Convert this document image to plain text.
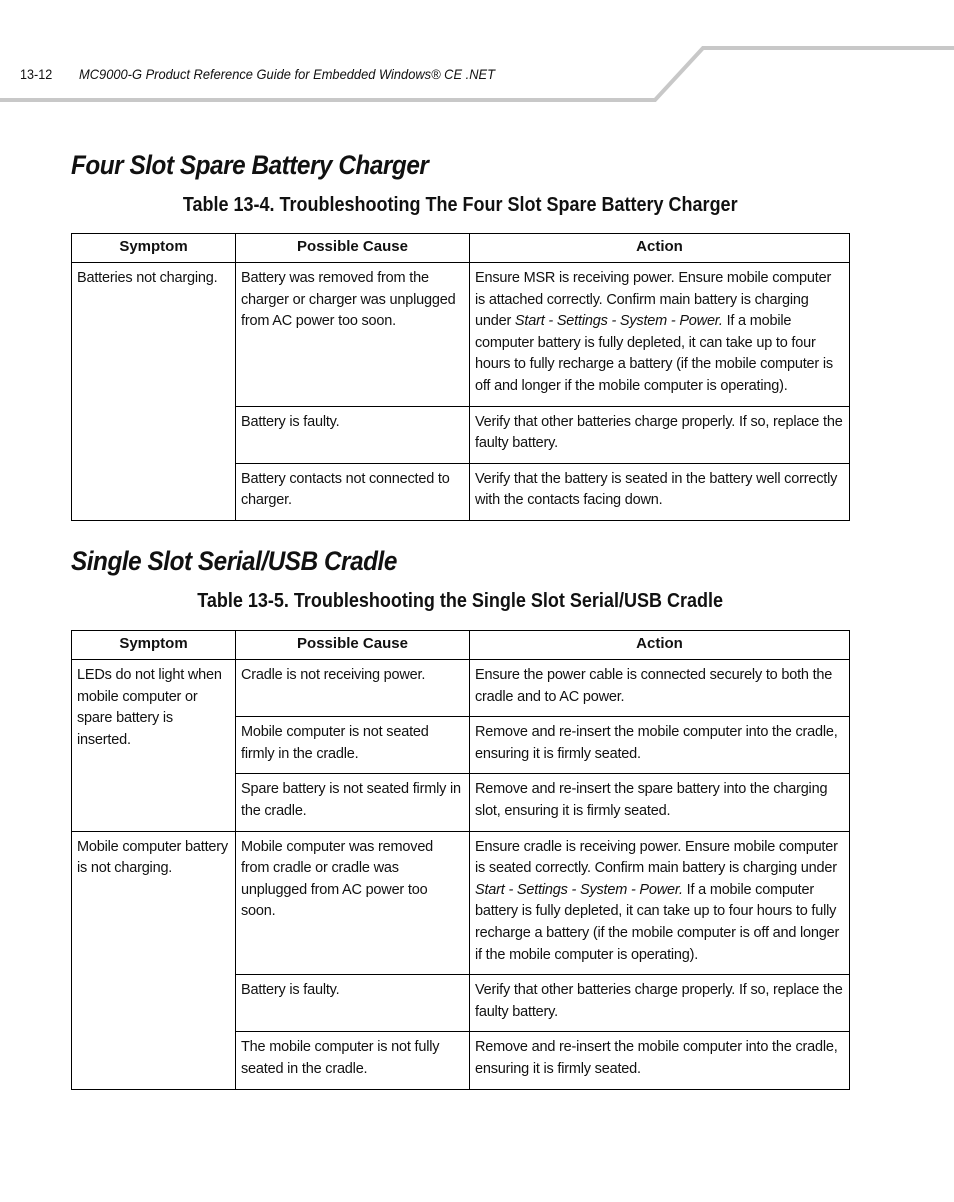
13-12 MC9000-G Product Reference Guide for Embedded Windows® CE .NET
Four Slot Spare Battery Charger
Table 13-4. Troubleshooting The Four Slot Spare Battery Charger
Symptom	Possible Cause	Action
Batteries not charging.	Battery was removed from the charger or charger was unplugged from AC power too soon.	Ensure MSR is receiving power. Ensure mobile computer is attached correctly. Confirm main battery is charging under Start - Settings - System - Power. If a mobile computer battery is fully depleted, it can take up to four hours to fully recharge a battery (if the mobile computer is off and longer if the mobile computer is operating).
	Battery is faulty.	Verify that other batteries charge properly. If so, replace the faulty battery.
	Battery contacts not connected to charger.	Verify that the battery is seated in the battery well correctly with the contacts facing down.
Single Slot Serial/USB Cradle
Table 13-5. Troubleshooting the Single Slot Serial/USB Cradle
Symptom	Possible Cause	Action
LEDs do not light when mobile computer or spare battery is inserted.	Cradle is not receiving power.	Ensure the power cable is connected securely to both the cradle and to AC power.
	Mobile computer is not seated firmly in the cradle.	Remove and re-insert the mobile computer into the cradle, ensuring it is firmly seated.
	Spare battery is not seated firmly in the cradle.	Remove and re-insert the spare battery into the charging slot, ensuring it is firmly seated.
Mobile computer battery is not charging.	Mobile computer was removed from cradle or cradle was unplugged from AC power too soon.	Ensure cradle is receiving power. Ensure mobile computer is seated correctly. Confirm main battery is charging under Start - Settings - System - Power. If a mobile computer battery is fully depleted, it can take up to four hours to fully recharge a battery (if the mobile computer is off and longer if the mobile computer is operating).
	Battery is faulty.	Verify that other batteries charge properly. If so, replace the faulty battery.
	The mobile computer is not fully seated in the cradle.	Remove and re-insert the mobile computer into the cradle, ensuring it is firmly seated.
